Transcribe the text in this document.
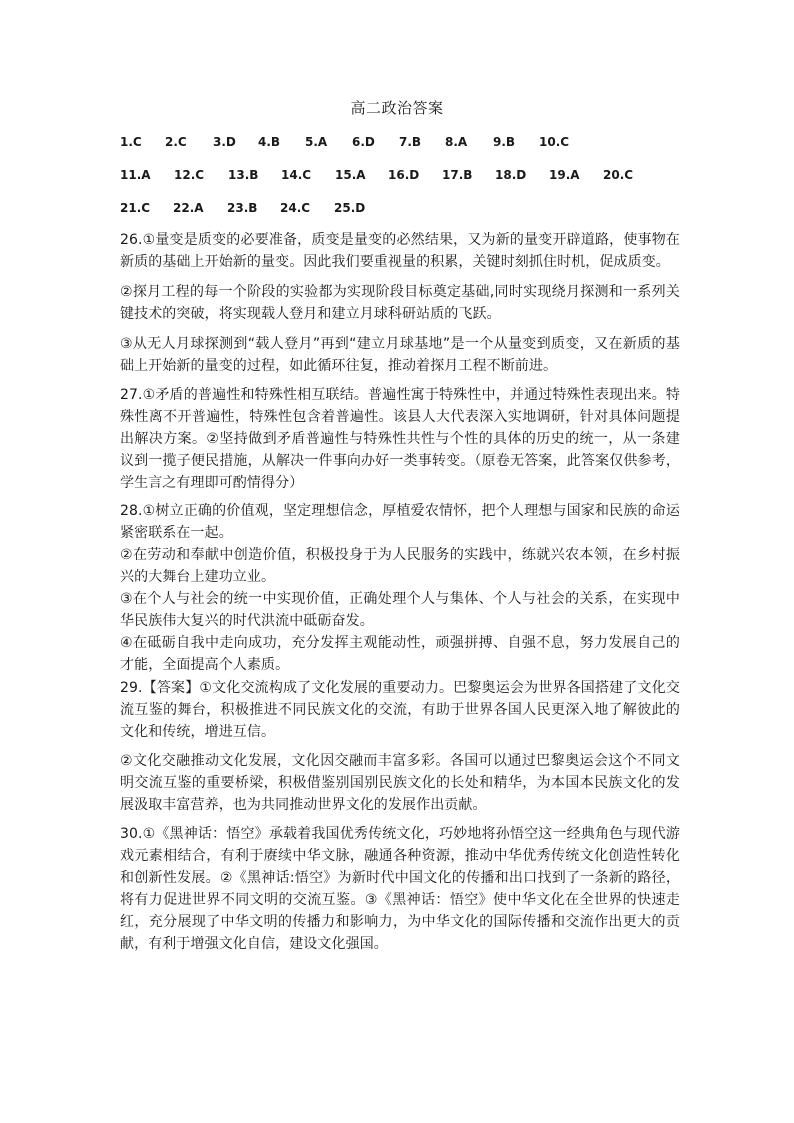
高二政治答案
1.C 2.C 3.D 4.B 5.A 6.D 7.B 8.A 9.B 10.C
11.A 12.C 13.B 14.C 15.A 16.D 17.B 18.D 19.A 20.C
21.C 22.A 23.B 24.C 25.D

26.①量变是质变的必要准备，质变是量变的必然结果，又为新的量变开辟道路，使事物在新质的基础上开始新的量变。因此我们要重视量的积累，关键时刻抓住时机，促成质变。

②探月工程的每一个阶段的实验都为实现阶段目标奠定基础,同时实现绕月探测和一系列关键技术的突破，将实现载人登月和建立月球科研站质的飞跃。

③从无人月球探测到“载人登月”再到“建立月球基地”是一个从量变到质变，又在新质的基础上开始新的量变的过程，如此循环往复，推动着探月工程不断前进。

27.①矛盾的普遍性和特殊性相互联结。普遍性寓于特殊性中，并通过特殊性表现出来。特殊性离不开普遍性，特殊性包含着普遍性。该县人大代表深入实地调研，针对具体问题提出解决方案。②坚持做到矛盾普遍性与特殊性共性与个性的具体的历史的统一，从一条建议到一揽子便民措施，从解决一件事向办好一类事转变。（原卷无答案，此答案仅供参考，学生言之有理即可酌情得分）

28.①树立正确的价值观，坚定理想信念，厚植爱农情怀，把个人理想与国家和民族的命运紧密联系在一起。

②在劳动和奉献中创造价值，积极投身于为人民服务的实践中，练就兴农本领，在乡村振兴的大舞台上建功立业。

③在个人与社会的统一中实现价值，正确处理个人与集体、个人与社会的关系，在实现中华民族伟大复兴的时代洪流中砥砺奋发。

④在砥砺自我中走向成功，充分发挥主观能动性，顽强拼搏、自强不息，努力发展自己的才能，全面提高个人素质。

29.【答案】①文化交流构成了文化发展的重要动力。巴黎奥运会为世界各国搭建了文化交流互鉴的舞台，积极推进不同民族文化的交流，有助于世界各国人民更深入地了解彼此的文化和传统，增进互信。

②文化交融推动文化发展，文化因交融而丰富多彩。各国可以通过巴黎奥运会这个不同文明交流互鉴的重要桥梁，积极借鉴别国别民族文化的长处和精华，为本国本民族文化的发展汲取丰富营养，也为共同推动世界文化的发展作出贡献。

30.①《黑神话：悟空》承载着我国优秀传统文化，巧妙地将孙悟空这一经典角色与现代游戏元素相结合，有利于赓续中华文脉，融通各种资源，推动中华优秀传统文化创造性转化和创新性发展。②《黑神话:悟空》为新时代中国文化的传播和出口找到了一条新的路径，将有力促进世界不同文明的交流互鉴。③《黑神话：悟空》使中华文化在全世界的快速走红，充分展现了中华文明的传播力和影响力，为中华文化的国际传播和交流作出更大的贡献，有利于增强文化自信，建设文化强国。
